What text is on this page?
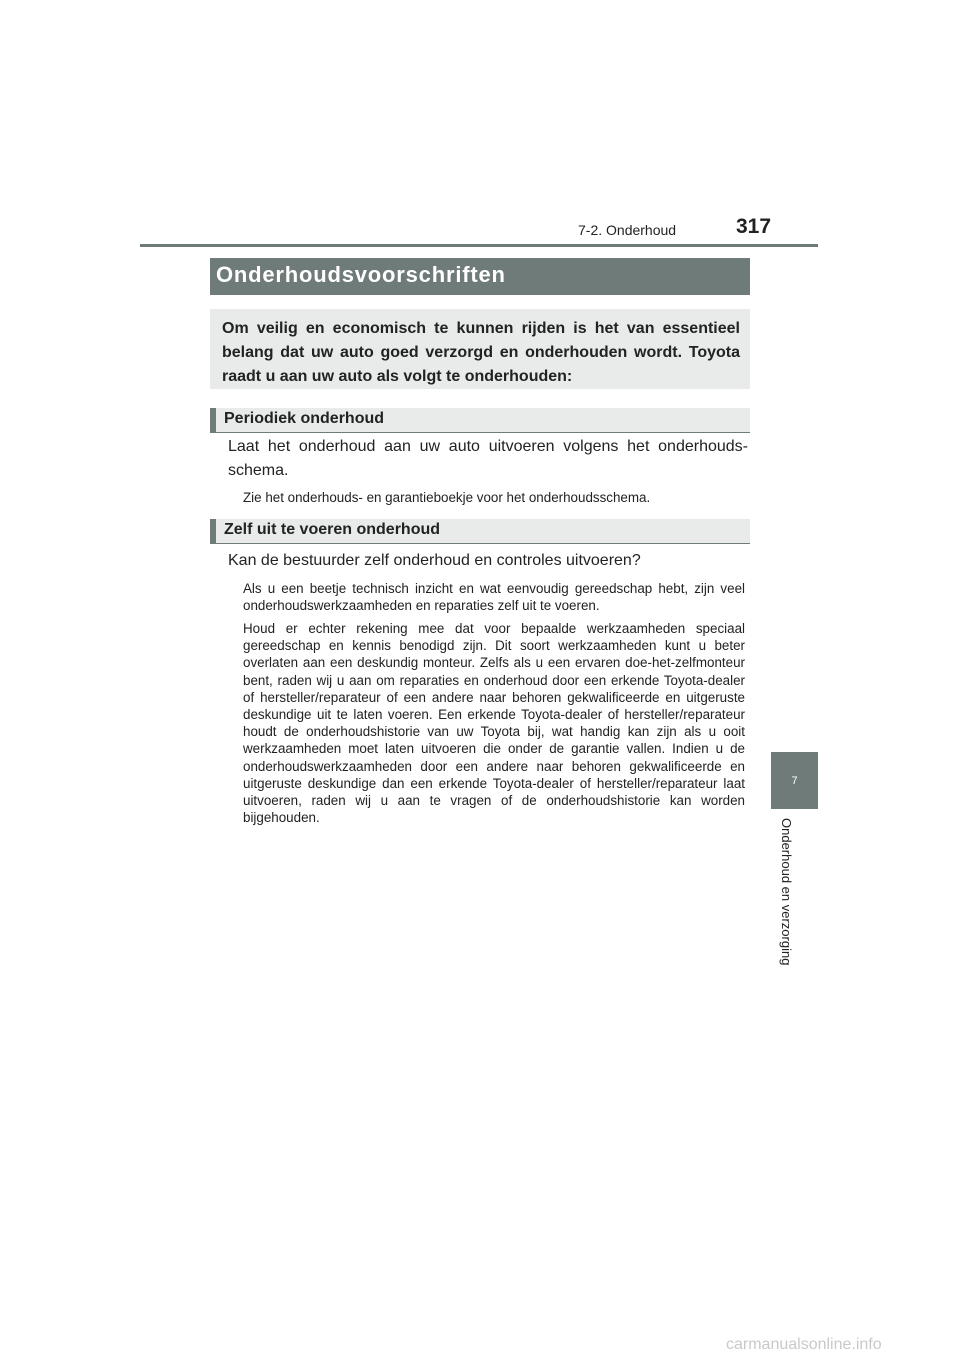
7-2. Onderhoud	317
7
Onderhoud en verzorging
Onderhoudsvoorschriften
Om veilig en economisch te kunnen rijden is het van essentieel belang dat uw auto goed verzorgd en onderhouden wordt. Toyota raadt u aan uw auto als volgt te onderhouden:
Periodiek onderhoud
Laat het onderhoud aan uw auto uitvoeren volgens het onderhoudsschema.
Zie het onderhouds- en garantieboekje voor het onderhoudsschema.
Zelf uit te voeren onderhoud
Kan de bestuurder zelf onderhoud en controles uitvoeren?
Als u een beetje technisch inzicht en wat eenvoudig gereedschap hebt, zijn veel onderhoudswerkzaamheden en reparaties zelf uit te voeren.
Houd er echter rekening mee dat voor bepaalde werkzaamheden speciaal gereedschap en kennis benodigd zijn. Dit soort werkzaamheden kunt u beter overlaten aan een deskundig monteur. Zelfs als u een ervaren doe-het-zelfmonteur bent, raden wij u aan om reparaties en onderhoud door een erkende Toyota-dealer of hersteller/reparateur of een andere naar behoren gekwalificeerde en uitgeruste deskundige uit te laten voeren. Een erkende Toyota-dealer of hersteller/reparateur houdt de onderhoudshistorie van uw Toyota bij, wat handig kan zijn als u ooit werkzaamheden moet laten uitvoeren die onder de garantie vallen. Indien u de onderhoudswerkzaamheden door een andere naar behoren gekwalificeerde en uitgeruste deskundige dan een erkende Toyota-dealer of hersteller/reparateur laat uitvoeren, raden wij u aan te vragen of de onderhoudshistorie kan worden bijgehouden.
carmanualsonline.info
